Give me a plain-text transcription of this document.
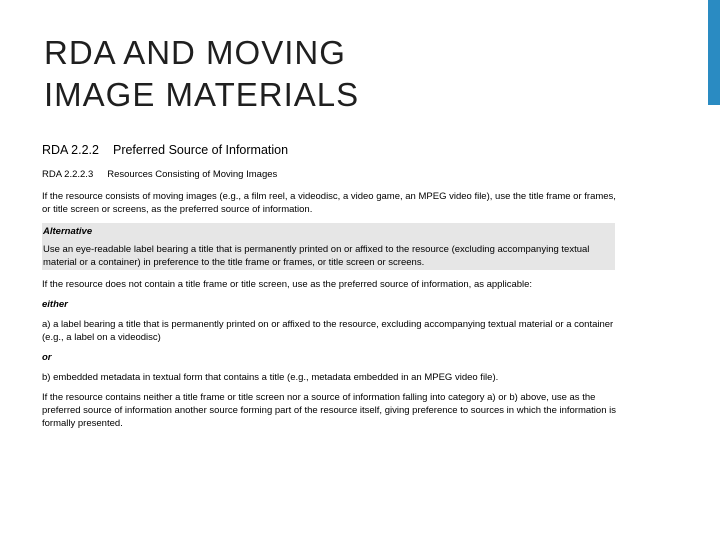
RDA AND MOVING
IMAGE MATERIALS

RDA 2.2.2 Preferred Source of Information

RDA 2.2.2.3 Resources Consisting of Moving Images

If the resource consists of moving images (e.g., a film reel, a videodisc, a video game, an MPEG video file), use the title frame or frames, or title screen or screens, as the preferred source of information.

Alternative

Use an eye-readable label bearing a title that is permanently printed on or affixed to the resource (excluding accompanying textual material or a container) in preference to the title frame or frames, or title screen or screens.

If the resource does not contain a title frame or title screen, use as the preferred source of information, as applicable:

either

a) a label bearing a title that is permanently printed on or affixed to the resource, excluding accompanying textual material or a container (e.g., a label on a videodisc)

or

b) embedded metadata in textual form that contains a title (e.g., metadata embedded in an MPEG video file).

If the resource contains neither a title frame or title screen nor a source of information falling into category a) or b) above, use as the preferred source of information another source forming part of the resource itself, giving preference to sources in which the information is formally presented.
